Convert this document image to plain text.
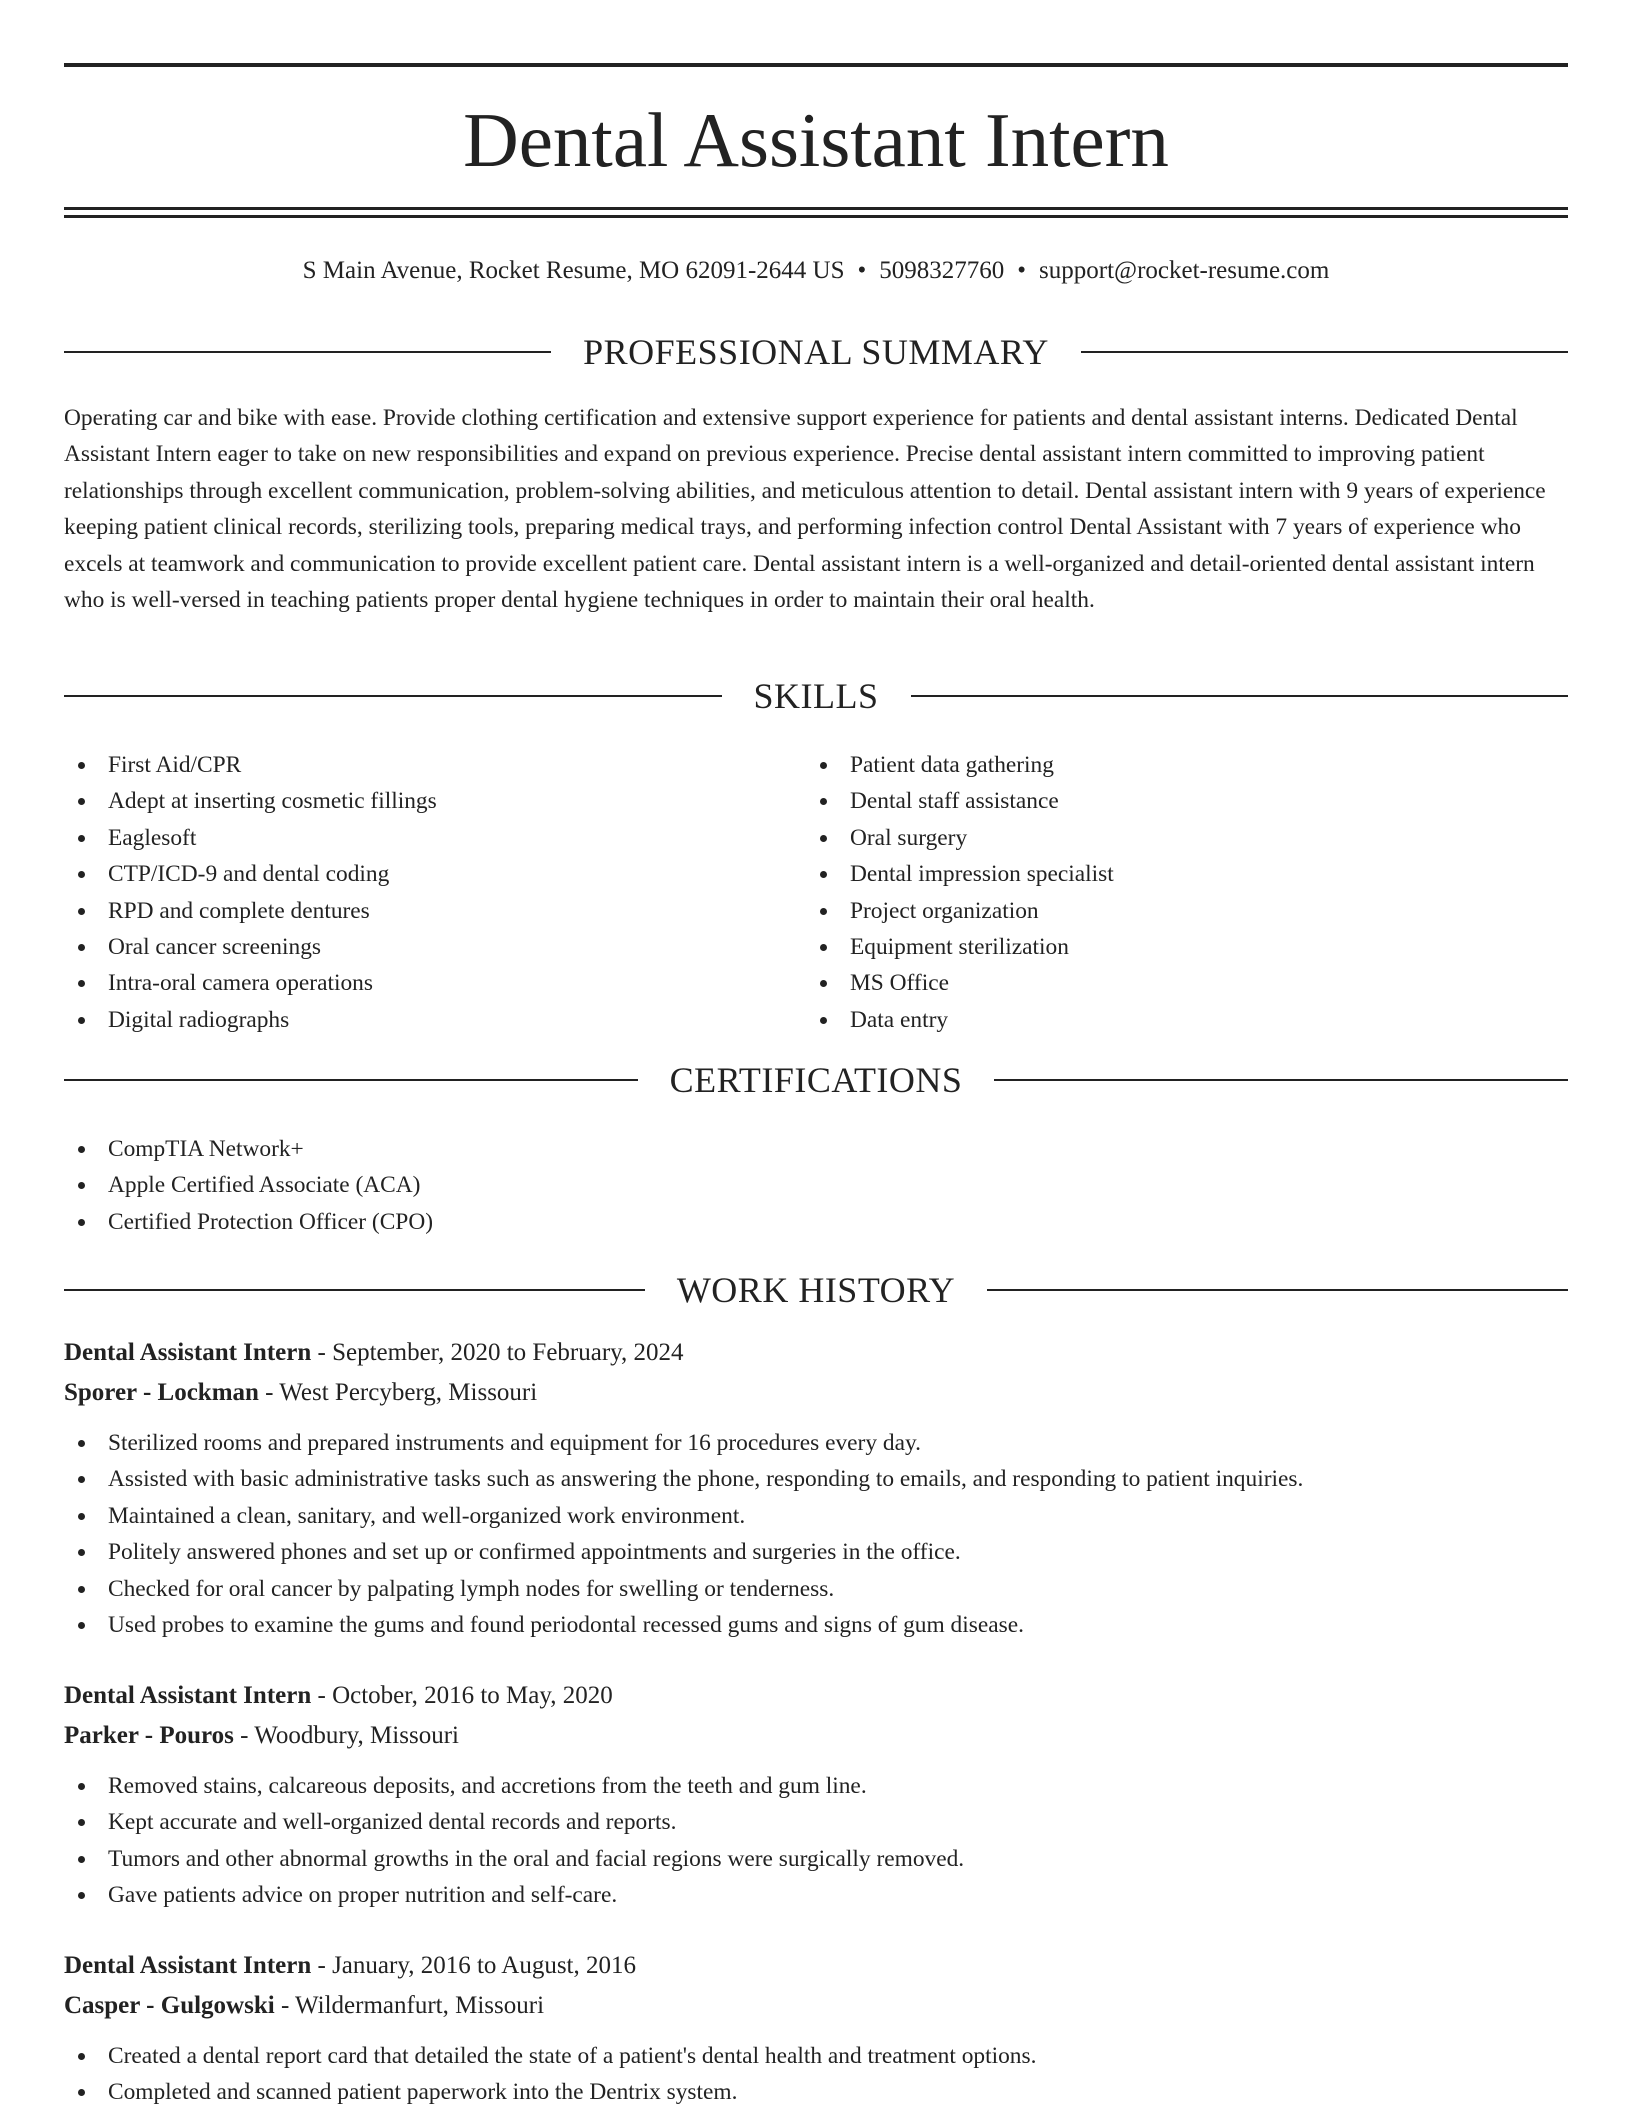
Dental Assistant Intern
S Main Avenue, Rocket Resume, MO 62091-2644 US • 5098327760 • support@rocket-resume.com
PROFESSIONAL SUMMARY

Operating car and bike with ease. Provide clothing certification and extensive support experience for patients and dental assistant interns. Dedicated Dental Assistant Intern eager to take on new responsibilities and expand on previous experience. Precise dental assistant intern committed to improving patient relationships through excellent communication, problem-solving abilities, and meticulous attention to detail. Dental assistant intern with 9 years of experience keeping patient clinical records, sterilizing tools, preparing medical trays, and performing infection control Dental Assistant with 7 years of experience who excels at teamwork and communication to provide excellent patient care. Dental assistant intern is a well-organized and detail-oriented dental assistant intern who is well-versed in teaching patients proper dental hygiene techniques in order to maintain their oral health.

SKILLS
First Aid/CPR
Adept at inserting cosmetic fillings
Eaglesoft
CTP/ICD-9 and dental coding
RPD and complete dentures
Oral cancer screenings
Intra-oral camera operations
Digital radiographs
Patient data gathering
Dental staff assistance
Oral surgery
Dental impression specialist
Project organization
Equipment sterilization
MS Office
Data entry
CERTIFICATIONS
CompTIA Network+
Apple Certified Associate (ACA)
Certified Protection Officer (CPO)
WORK HISTORY
Dental Assistant Intern - September, 2020 to February, 2024
Sporer - Lockman - West Percyberg, Missouri
Sterilized rooms and prepared instruments and equipment for 16 procedures every day.
Assisted with basic administrative tasks such as answering the phone, responding to emails, and responding to patient inquiries.
Maintained a clean, sanitary, and well-organized work environment.
Politely answered phones and set up or confirmed appointments and surgeries in the office.
Checked for oral cancer by palpating lymph nodes for swelling or tenderness.
Used probes to examine the gums and found periodontal recessed gums and signs of gum disease.
Dental Assistant Intern - October, 2016 to May, 2020
Parker - Pouros - Woodbury, Missouri
Removed stains, calcareous deposits, and accretions from the teeth and gum line.
Kept accurate and well-organized dental records and reports.
Tumors and other abnormal growths in the oral and facial regions were surgically removed.
Gave patients advice on proper nutrition and self-care.
Dental Assistant Intern - January, 2016 to August, 2016
Casper - Gulgowski - Wildermanfurt, Missouri
Created a dental report card that detailed the state of a patient's dental health and treatment options.
Completed and scanned patient paperwork into the Dentrix system.
